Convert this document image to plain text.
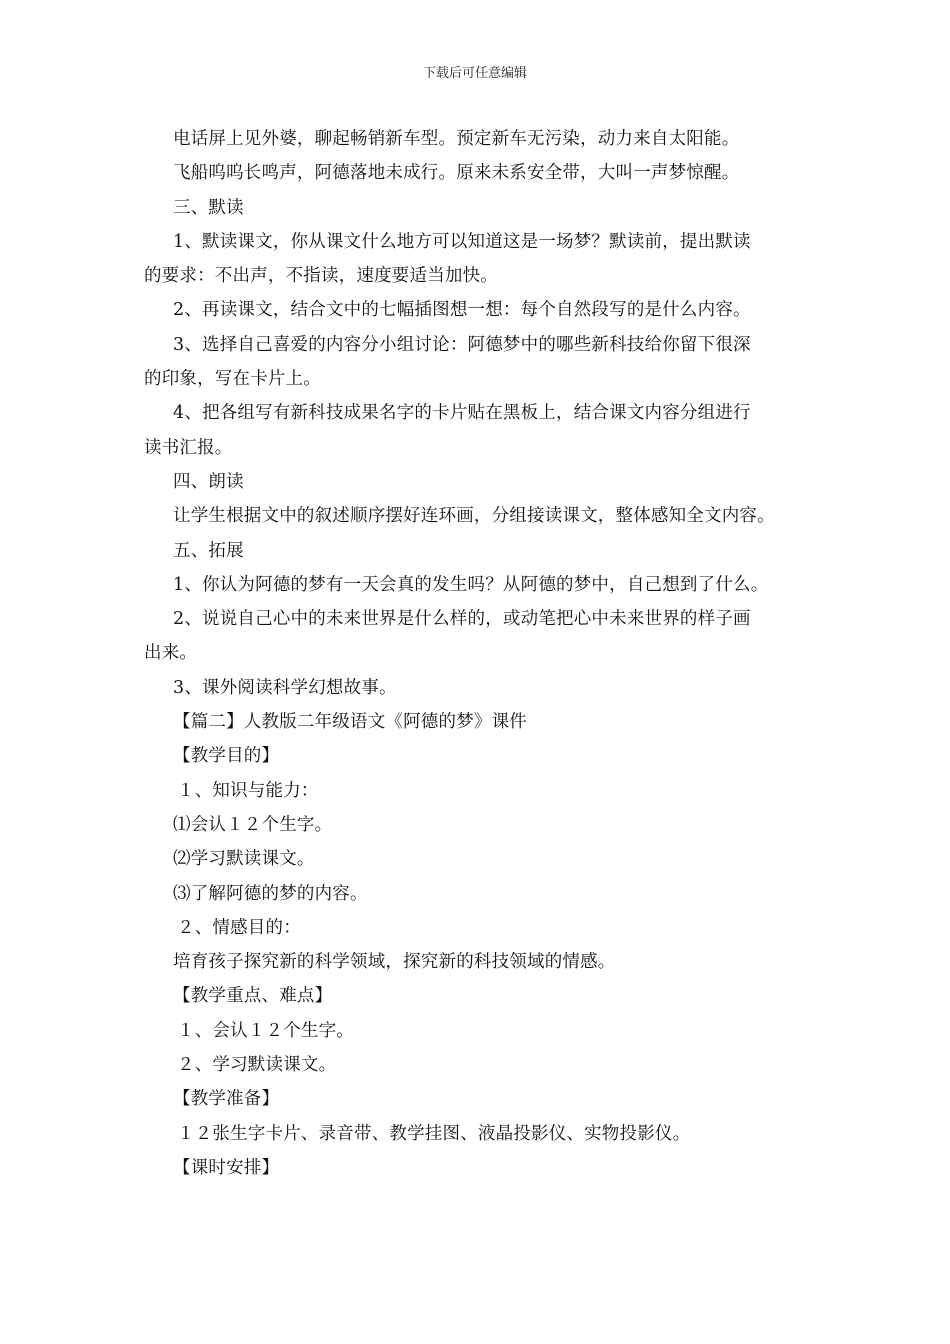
下载后可任意编辑
电话屏上见外婆，聊起畅销新车型。预定新车无污染，动力来自太阳能。
飞船呜呜长鸣声，阿德落地未成行。原来未系安全带，大叫一声梦惊醒。
三、默读
1、默读课文，你从课文什么地方可以知道这是一场梦？默读前，提出默读
的要求：不出声，不指读，速度要适当加快。
2、再读课文，结合文中的七幅插图想一想：每个自然段写的是什么内容。
3、选择自己喜爱的内容分小组讨论：阿德梦中的哪些新科技给你留下很深
的印象，写在卡片上。
4、把各组写有新科技成果名字的卡片贴在黑板上，结合课文内容分组进行
读书汇报。
四、朗读
让学生根据文中的叙述顺序摆好连环画，分组接读课文，整体感知全文内容。
五、拓展
1、你认为阿德的梦有一天会真的发生吗？从阿德的梦中，自己想到了什么。
2、说说自己心中的未来世界是什么样的，或动笔把心中未来世界的样子画
出来。
3、课外阅读科学幻想故事。
【篇二】人教版二年级语文《阿德的梦》课件
【教学目的】
１、知识与能力：
⑴会认１２个生字。
⑵学习默读课文。
⑶了解阿德的梦的内容。
２、情感目的：
培育孩子探究新的科学领域，探究新的科技领域的情感。
【教学重点、难点】
１、会认１２个生字。
２、学习默读课文。
【教学准备】
１２张生字卡片、录音带、教学挂图、液晶投影仪、实物投影仪。
【课时安排】
